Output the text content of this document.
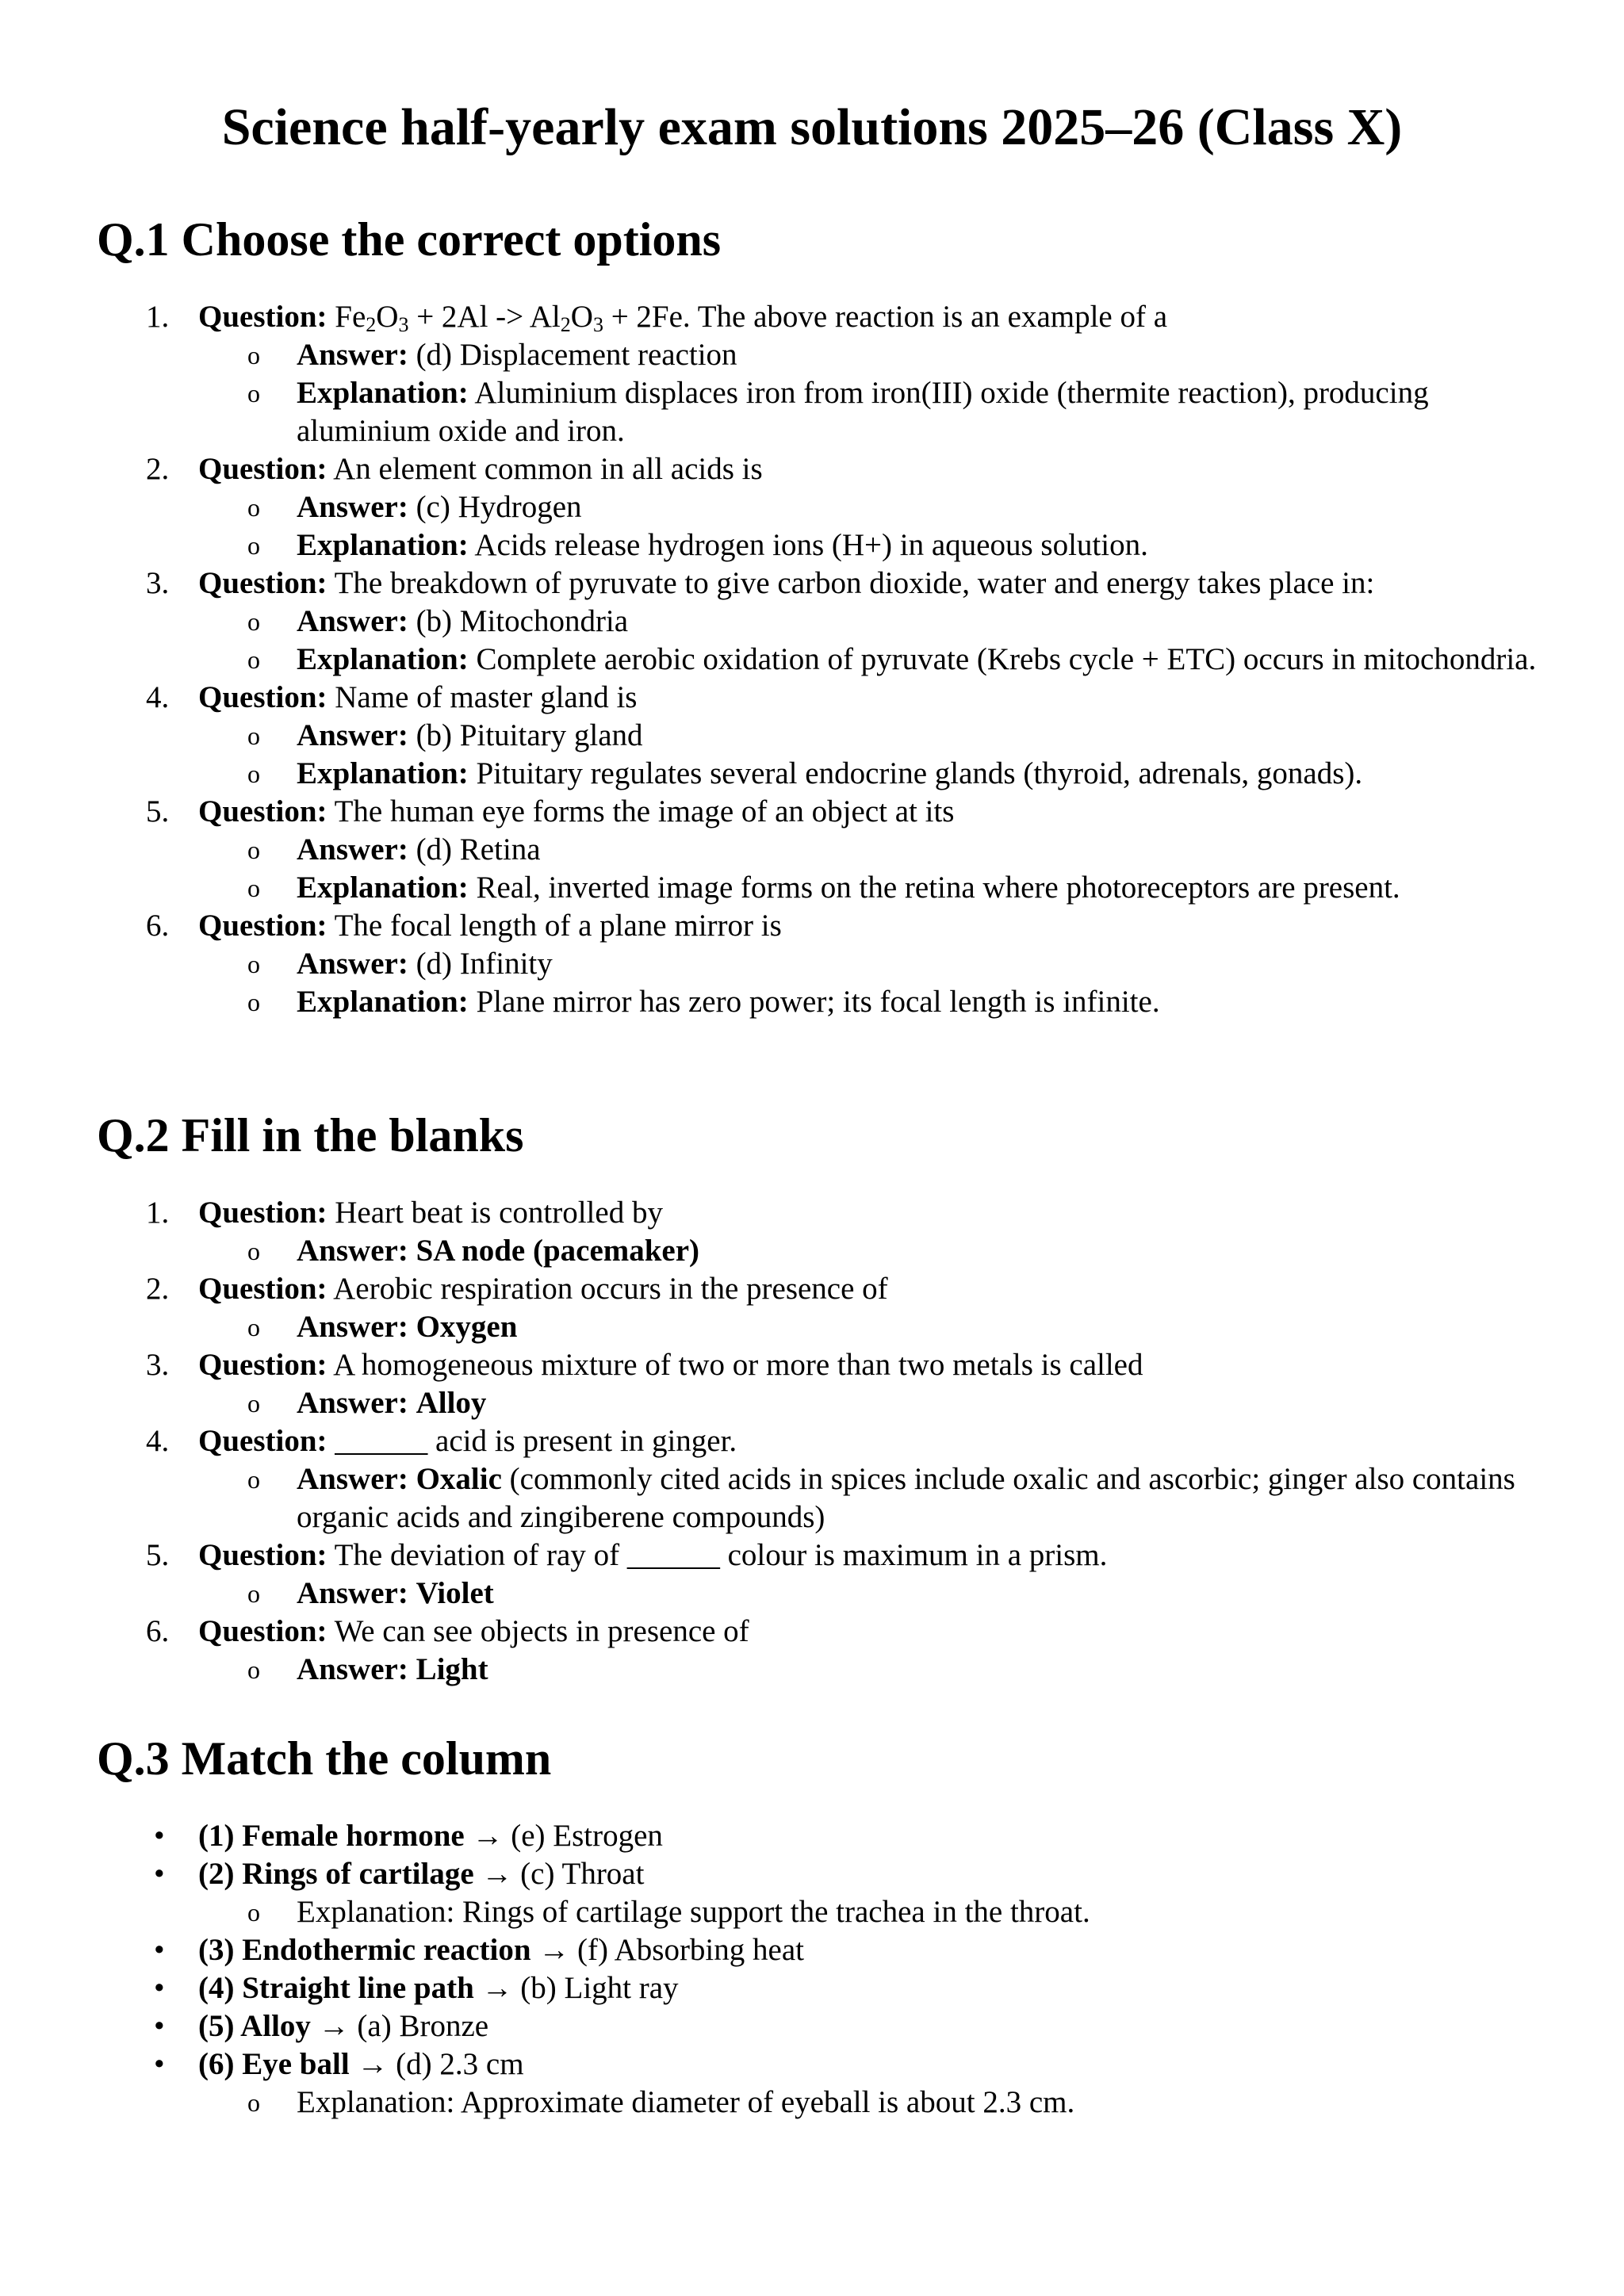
Science half-yearly exam solutions 2025–26 (Class X)
Q.1 Choose the correct options
1. Question: $Fe_2O_3 + 2Al -> Al_2O_3 + 2Fe$. The above reaction is an example of a
o Answer: (d) Displacement reaction
o Explanation: Aluminium displaces iron from iron(III) oxide (thermite reaction), producing aluminium oxide and iron.
2. Question: An element common in all acids is
o Answer: (c) Hydrogen
o Explanation: Acids release hydrogen ions (H+) in aqueous solution.
3. Question: The breakdown of pyruvate to give carbon dioxide, water and energy takes place in:
o Answer: (b) Mitochondria
o Explanation: Complete aerobic oxidation of pyruvate (Krebs cycle + ETC) occurs in mitochondria.
4. Question: Name of master gland is
o Answer: (b) Pituitary gland
o Explanation: Pituitary regulates several endocrine glands (thyroid, adrenals, gonads).
5. Question: The human eye forms the image of an object at its
o Answer: (d) Retina
o Explanation: Real, inverted image forms on the retina where photoreceptors are present.
6. Question: The focal length of a plane mirror is
o Answer: (d) Infinity
o Explanation: Plane mirror has zero power; its focal length is infinite.
Q.2 Fill in the blanks
1. Question: Heart beat is controlled by
o Answer: SA node (pacemaker)
2. Question: Aerobic respiration occurs in the presence of
o Answer: Oxygen
3. Question: A homogeneous mixture of two or more than two metals is called
o Answer: Alloy
4. Question: ______ acid is present in ginger.
o Answer: Oxalic (commonly cited acids in spices include oxalic and ascorbic; ginger also contains organic acids and zingiberene compounds)
5. Question: The deviation of ray of ______ colour is maximum in a prism.
o Answer: Violet
6. Question: We can see objects in presence of
o Answer: Light
Q.3 Match the column
• (1) Female hormone → (e) Estrogen
• (2) Rings of cartilage → (c) Throat
o Explanation: Rings of cartilage support the trachea in the throat.
• (3) Endothermic reaction → (f) Absorbing heat
• (4) Straight line path → (b) Light ray
• (5) Alloy → (a) Bronze
• (6) Eye ball → (d) 2.3 cm
o Explanation: Approximate diameter of eyeball is about 2.3 cm.
